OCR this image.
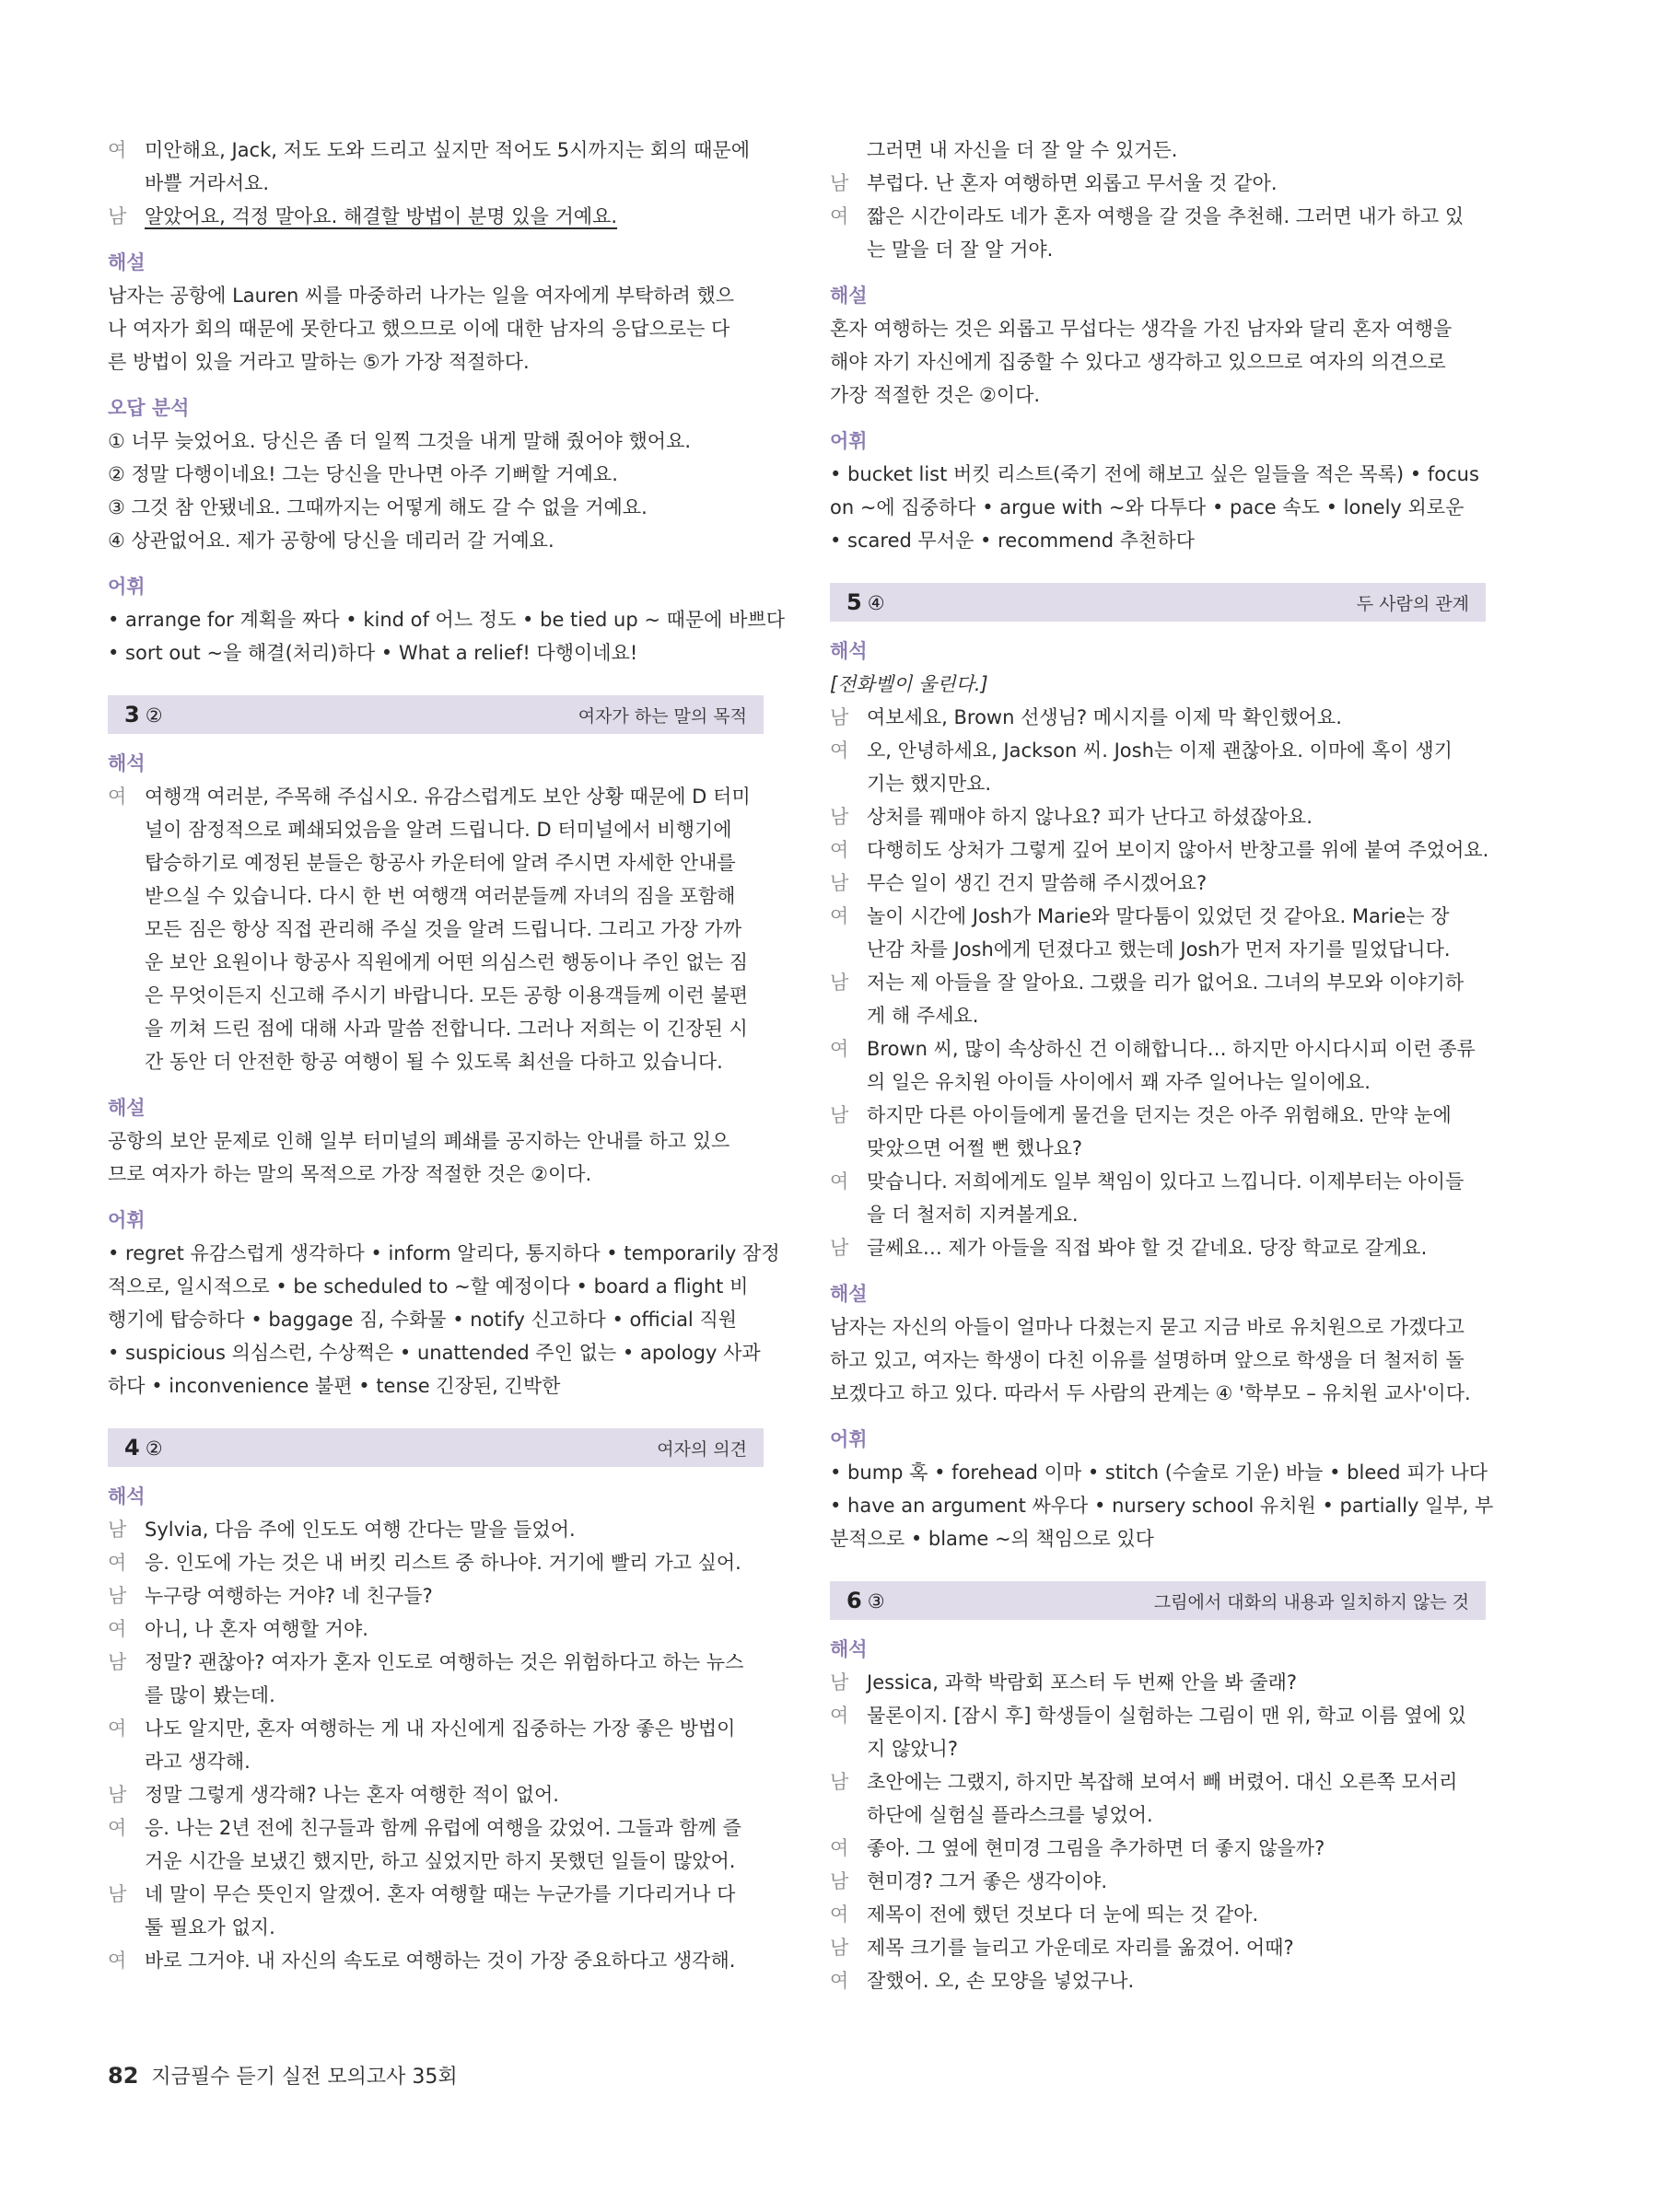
여 미안해요, Jack, 저도 도와 드리고 싶지만 적어도 5시까지는 회의 때문에
바쁠 거라서요.
남 알았어요, 걱정 말아요. 해결할 방법이 분명 있을 거예요.
해설
남자는 공항에 Lauren 씨를 마중하러 나가는 일을 여자에게 부탁하려 했으
나 여자가 회의 때문에 못한다고 했으므로 이에 대한 남자의 응답으로는 다
른 방법이 있을 거라고 말하는 ⑤가 가장 적절하다.
오답 분석
① 너무 늦었어요. 당신은 좀 더 일찍 그것을 내게 말해 줬어야 했어요.
② 정말 다행이네요! 그는 당신을 만나면 아주 기뻐할 거예요.
③ 그것 참 안됐네요. 그때까지는 어떻게 해도 갈 수 없을 거예요.
④ 상관없어요. 제가 공항에 당신을 데리러 갈 거예요.
어휘
• arrange for 계획을 짜다 • kind of 어느 정도 • be tied up ~ 때문에 바쁘다
• sort out ~을 해결(처리)하다 • What a relief! 다행이네요!
3 ②	여자가 하는 말의 목적
해석
여 여행객 여러분, 주목해 주십시오. 유감스럽게도 보안 상황 때문에 D 터미
널이 잠정적으로 폐쇄되었음을 알려 드립니다. D 터미널에서 비행기에
탑승하기로 예정된 분들은 항공사 카운터에 알려 주시면 자세한 안내를
받으실 수 있습니다. 다시 한 번 여행객 여러분들께 자녀의 짐을 포함해
모든 짐은 항상 직접 관리해 주실 것을 알려 드립니다. 그리고 가장 가까
운 보안 요원이나 항공사 직원에게 어떤 의심스런 행동이나 주인 없는 짐
은 무엇이든지 신고해 주시기 바랍니다. 모든 공항 이용객들께 이런 불편
을 끼쳐 드린 점에 대해 사과 말씀 전합니다. 그러나 저희는 이 긴장된 시
간 동안 더 안전한 항공 여행이 될 수 있도록 최선을 다하고 있습니다.
해설
공항의 보안 문제로 인해 일부 터미널의 폐쇄를 공지하는 안내를 하고 있으
므로 여자가 하는 말의 목적으로 가장 적절한 것은 ②이다.
어휘
• regret 유감스럽게 생각하다 • inform 알리다, 통지하다 • temporarily 잠정
적으로, 일시적으로 • be scheduled to ~할 예정이다 • board a flight 비
행기에 탑승하다 • baggage 짐, 수화물 • notify 신고하다 • official 직원
• suspicious 의심스런, 수상쩍은 • unattended 주인 없는 • apology 사과
하다 • inconvenience 불편 • tense 긴장된, 긴박한
4 ②	여자의 의견
해석
남 Sylvia, 다음 주에 인도도 여행 간다는 말을 들었어.
여 응. 인도에 가는 것은 내 버킷 리스트 중 하나야. 거기에 빨리 가고 싶어.
남 누구랑 여행하는 거야? 네 친구들?
여 아니, 나 혼자 여행할 거야.
남 정말? 괜찮아? 여자가 혼자 인도로 여행하는 것은 위험하다고 하는 뉴스
를 많이 봤는데.
여 나도 알지만, 혼자 여행하는 게 내 자신에게 집중하는 가장 좋은 방법이
라고 생각해.
남 정말 그렇게 생각해? 나는 혼자 여행한 적이 없어.
여 응. 나는 2년 전에 친구들과 함께 유럽에 여행을 갔었어. 그들과 함께 즐
거운 시간을 보냈긴 했지만, 하고 싶었지만 하지 못했던 일들이 많았어.
남 네 말이 무슨 뜻인지 알겠어. 혼자 여행할 때는 누군가를 기다리거나 다
툴 필요가 없지.
여 바로 그거야. 내 자신의 속도로 여행하는 것이 가장 중요하다고 생각해.
그러면 내 자신을 더 잘 알 수 있거든.
남 부럽다. 난 혼자 여행하면 외롭고 무서울 것 같아.
여 짧은 시간이라도 네가 혼자 여행을 갈 것을 추천해. 그러면 내가 하고 있
는 말을 더 잘 알 거야.
해설
혼자 여행하는 것은 외롭고 무섭다는 생각을 가진 남자와 달리 혼자 여행을
해야 자기 자신에게 집중할 수 있다고 생각하고 있으므로 여자의 의견으로
가장 적절한 것은 ②이다.
어휘
• bucket list 버킷 리스트(죽기 전에 해보고 싶은 일들을 적은 목록) • focus
on ~에 집중하다 • argue with ~와 다투다 • pace 속도 • lonely 외로운
• scared 무서운 • recommend 추천하다
5 ④	두 사람의 관계
해석
[전화벨이 울린다.]
남 여보세요, Brown 선생님? 메시지를 이제 막 확인했어요.
여 오, 안녕하세요, Jackson 씨. Josh는 이제 괜찮아요. 이마에 혹이 생기
기는 했지만요.
남 상처를 꿰매야 하지 않나요? 피가 난다고 하셨잖아요.
여 다행히도 상처가 그렇게 깊어 보이지 않아서 반창고를 위에 붙여 주었어요.
남 무슨 일이 생긴 건지 말씀해 주시겠어요?
여 놀이 시간에 Josh가 Marie와 말다툼이 있었던 것 같아요. Marie는 장
난감 차를 Josh에게 던졌다고 했는데 Josh가 먼저 자기를 밀었답니다.
남 저는 제 아들을 잘 알아요. 그랬을 리가 없어요. 그녀의 부모와 이야기하
게 해 주세요.
여 Brown 씨, 많이 속상하신 건 이해합니다… 하지만 아시다시피 이런 종류
의 일은 유치원 아이들 사이에서 꽤 자주 일어나는 일이에요.
남 하지만 다른 아이들에게 물건을 던지는 것은 아주 위험해요. 만약 눈에
맞았으면 어쩔 뻔 했나요?
여 맞습니다. 저희에게도 일부 책임이 있다고 느낍니다. 이제부터는 아이들
을 더 철저히 지켜볼게요.
남 글쎄요… 제가 아들을 직접 봐야 할 것 같네요. 당장 학교로 갈게요.
해설
남자는 자신의 아들이 얼마나 다쳤는지 묻고 지금 바로 유치원으로 가겠다고
하고 있고, 여자는 학생이 다친 이유를 설명하며 앞으로 학생을 더 철저히 돌
보겠다고 하고 있다. 따라서 두 사람의 관계는 ④ '학부모 – 유치원 교사'이다.
어휘
• bump 혹 • forehead 이마 • stitch (수술로 기운) 바늘 • bleed 피가 나다
• have an argument 싸우다 • nursery school 유치원 • partially 일부, 부
분적으로 • blame ~의 책임으로 있다
6 ③	그림에서 대화의 내용과 일치하지 않는 것
해석
남 Jessica, 과학 박람회 포스터 두 번째 안을 봐 줄래?
여 물론이지. [잠시 후] 학생들이 실험하는 그림이 맨 위, 학교 이름 옆에 있
지 않았니?
남 초안에는 그랬지, 하지만 복잡해 보여서 빼 버렸어. 대신 오른쪽 모서리
하단에 실험실 플라스크를 넣었어.
여 좋아. 그 옆에 현미경 그림을 추가하면 더 좋지 않을까?
남 현미경? 그거 좋은 생각이야.
여 제목이 전에 했던 것보다 더 눈에 띄는 것 같아.
남 제목 크기를 늘리고 가운데로 자리를 옮겼어. 어때?
여 잘했어. 오, 손 모양을 넣었구나.
82 지금필수 듣기 실전 모의고사 35회
